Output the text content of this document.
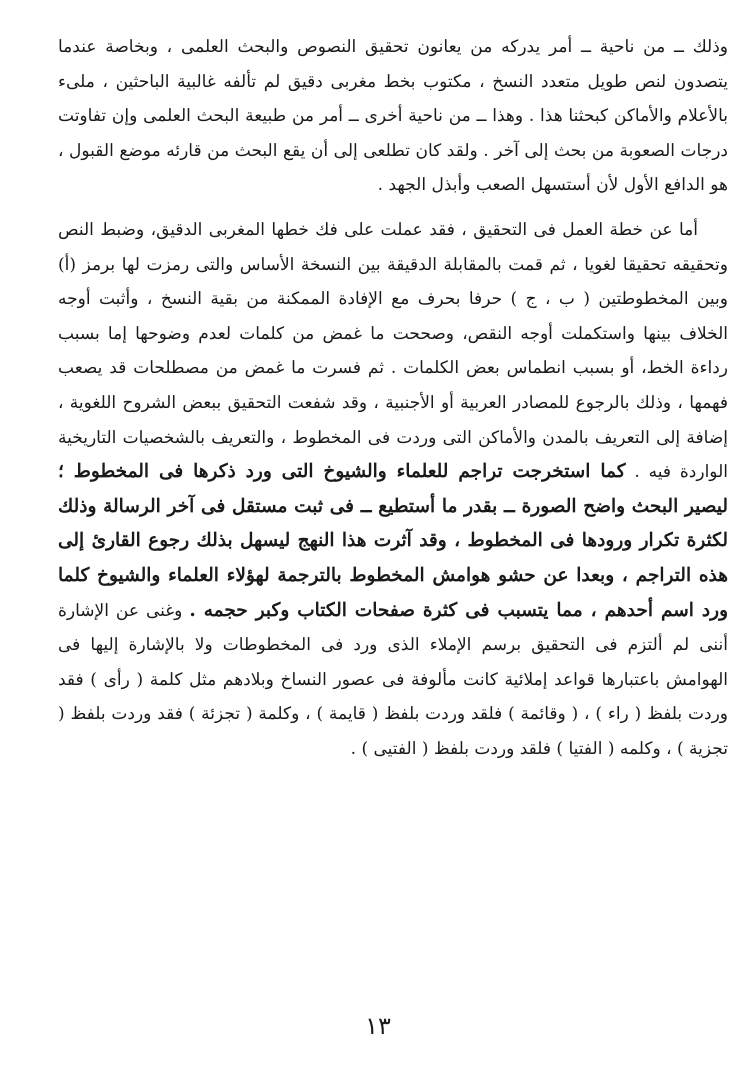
وذلك ــ من ناحية ــ أمر يدركه من يعانون تحقيق النصوص والبحث العلمى ، وبخاصة عندما يتصدون لنص طويل متعدد النسخ ، مكتوب بخط مغربى دقيق لم تألفه غالبية الباحثين ، ملىء بالأعلام والأماكن كبحثنا هذا . وهذا ــ من ناحية أخرى ــ أمر من طبيعة البحث العلمى وإن تفاوتت درجات الصعوبة من بحث إلى آخر . ولقد كان تطلعى إلى أن يقع البحث من قارئه موضع القبول ، هو الدافع الأول لأن أستسهل الصعب وأبذل الجهد .

أما عن خطة العمل فى التحقيق ، فقد عملت على فك خطها المغربى الدقيق، وضبط النص وتحقيقه تحقيقا لغويا ، ثم قمت بالمقابلة الدقيقة بين النسخة الأساس والتى رمزت لها برمز (أ) وبين المخطوطتين ( ب ، ج ) حرفا بحرف مع الإفادة الممكنة من بقية النسخ ، وأثبت أوجه الخلاف بينها واستكملت أوجه النقص، وصححت ما غمض من كلمات لعدم وضوحها إما بسبب رداءة الخط، أو بسبب انطماس بعض الكلمات . ثم فسرت ما غمض من مصطلحات قد يصعب فهمها ، وذلك بالرجوع للمصادر العربية أو الأجنبية ، وقد شفعت التحقيق ببعض الشروح اللغوية ، إضافة إلى التعريف بالمدن والأماكن التى وردت فى المخطوط ، والتعريف بالشخصيات التاريخية الواردة فيه . كما استخرجت تراجم للعلماء والشيوخ التى ورد ذكرها فى المخطوط ؛ ليصير البحث واضح الصورة ــ بقدر ما أستطيع ــ فى ثبت مستقل فى آخر الرسالة وذلك لكثرة تكرار ورودها فى المخطوط ، وقد آثرت هذا النهج ليسهل بذلك رجوع القارئ إلى هذه التراجم ، وبعدا عن حشو هوامش المخطوط بالترجمة لهؤلاء العلماء والشيوخ كلما ورد اسم أحدهم ، مما يتسبب فى كثرة صفحات الكتاب وكبر حجمه . وغنى عن الإشارة أننى لم ألتزم فى التحقيق برسم الإملاء الذى ورد فى المخطوطات ولا بالإشارة إليها فى الهوامش باعتبارها قواعد إملائية كانت مألوفة فى عصور النساخ وبلادهم مثل كلمة ( رأى ) فقد وردت بلفظ ( راء ) ، ( وقائمة ) فلقد وردت بلفظ ( قايمة ) ، وكلمة ( تجزئة ) فقد وردت بلفظ ( تجزية ) ، وكلمه ( الفتيا ) فلقد وردت بلفظ ( الفتيى ) .

١٣
